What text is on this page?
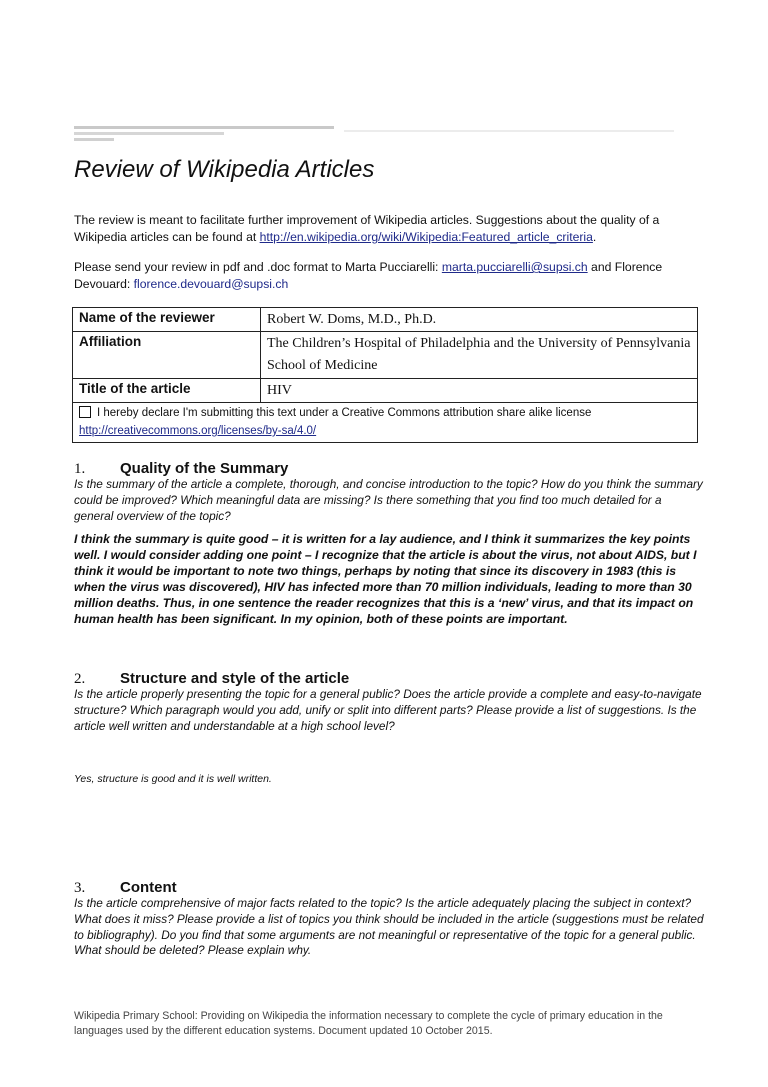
Review of Wikipedia Articles

The review is meant to facilitate further improvement of Wikipedia articles. Suggestions about the quality of a Wikipedia articles can be found at http://en.wikipedia.org/wiki/Wikipedia:Featured_article_criteria.

Please send your review in pdf and .doc format to Marta Pucciarelli: marta.pucciarelli@supsi.ch and Florence Devouard: florence.devouard@supsi.ch

Name of the reviewer	Robert W. Doms, M.D., Ph.D.
Affiliation	The Children’s Hospital of Philadelphia and the University of Pennsylvania School of Medicine
Title of the article	HIV
I hereby declare I'm submitting this text under a Creative Commons attribution share alike license
http://creativecommons.org/licenses/by-sa/4.0/
1. Quality of the Summary

Is the summary of the article a complete, thorough, and concise introduction to the topic? How do you think the summary could be improved? Which meaningful data are missing? Is there something that you find too much detailed for a general overview of the topic?

I think the summary is quite good – it is written for a lay audience, and I think it summarizes the key points well. I would consider adding one point – I recognize that the article is about the virus, not about AIDS, but I think it would be important to note two things, perhaps by noting that since its discovery in 1983 (this is when the virus was discovered), HIV has infected more than 70 million individuals, leading to more than 30 million deaths. Thus, in one sentence the reader recognizes that this is a ‘new’ virus, and that its impact on human health has been significant. In my opinion, both of these points are important.

2. Structure and style of the article

Is the article properly presenting the topic for a general public? Does the article provide a complete and easy-to-navigate structure? Which paragraph would you add, unify or split into different parts? Please provide a list of suggestions. Is the article well written and understandable at a high school level?

Yes, structure is good and it is well written.

3. Content

Is the article comprehensive of major facts related to the topic? Is the article adequately placing the subject in context? What does it miss? Please provide a list of topics you think should be included in the article (suggestions must be related to bibliography). Do you find that some arguments are not meaningful or representative of the topic for a general public. What should be deleted? Please explain why.

Wikipedia Primary School: Providing on Wikipedia the information necessary to complete the cycle of primary education in the languages used by the different education systems. Document updated 10 October 2015.
